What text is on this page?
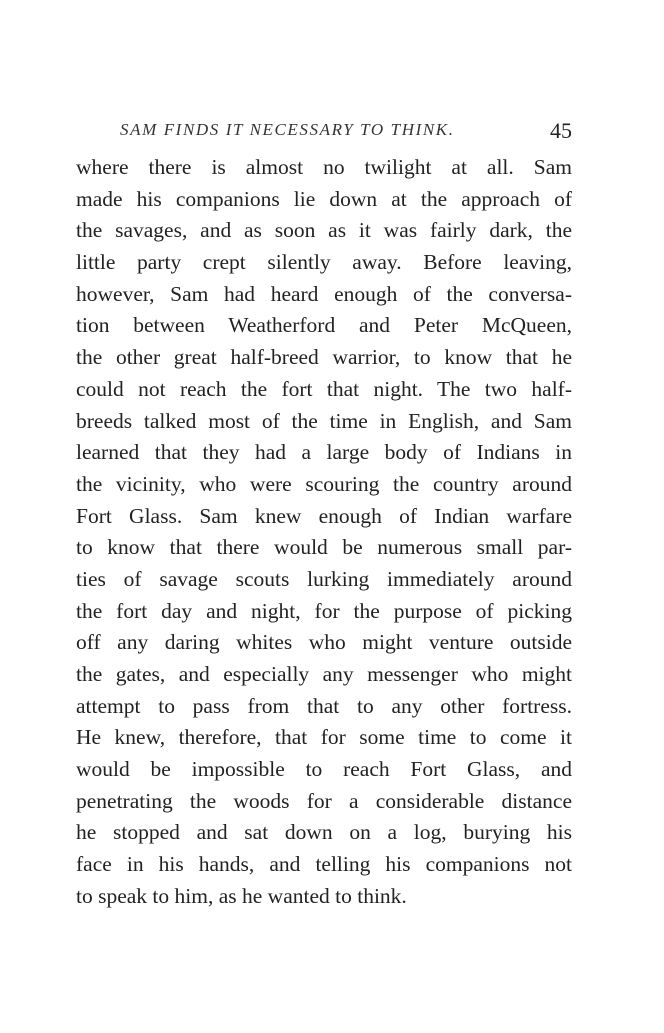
SAM FINDS IT NECESSARY TO THINK.	45
where there is almost no twilight at all. Sam
made his companions lie down at the approach of
the savages, and as soon as it was fairly dark, the
little party crept silently away. Before leaving,
however, Sam had heard enough of the conversa-
tion between Weatherford and Peter McQueen,
the other great half-breed warrior, to know that he
could not reach the fort that night. The two half-
breeds talked most of the time in English, and Sam
learned that they had a large body of Indians in
the vicinity, who were scouring the country around
Fort Glass. Sam knew enough of Indian warfare
to know that there would be numerous small par-
ties of savage scouts lurking immediately around
the fort day and night, for the purpose of picking
off any daring whites who might venture outside
the gates, and especially any messenger who might
attempt to pass from that to any other fortress.
He knew, therefore, that for some time to come it
would be impossible to reach Fort Glass, and
penetrating the woods for a considerable distance
he stopped and sat down on a log, burying his
face in his hands, and telling his companions not
to speak to him, as he wanted to think.
